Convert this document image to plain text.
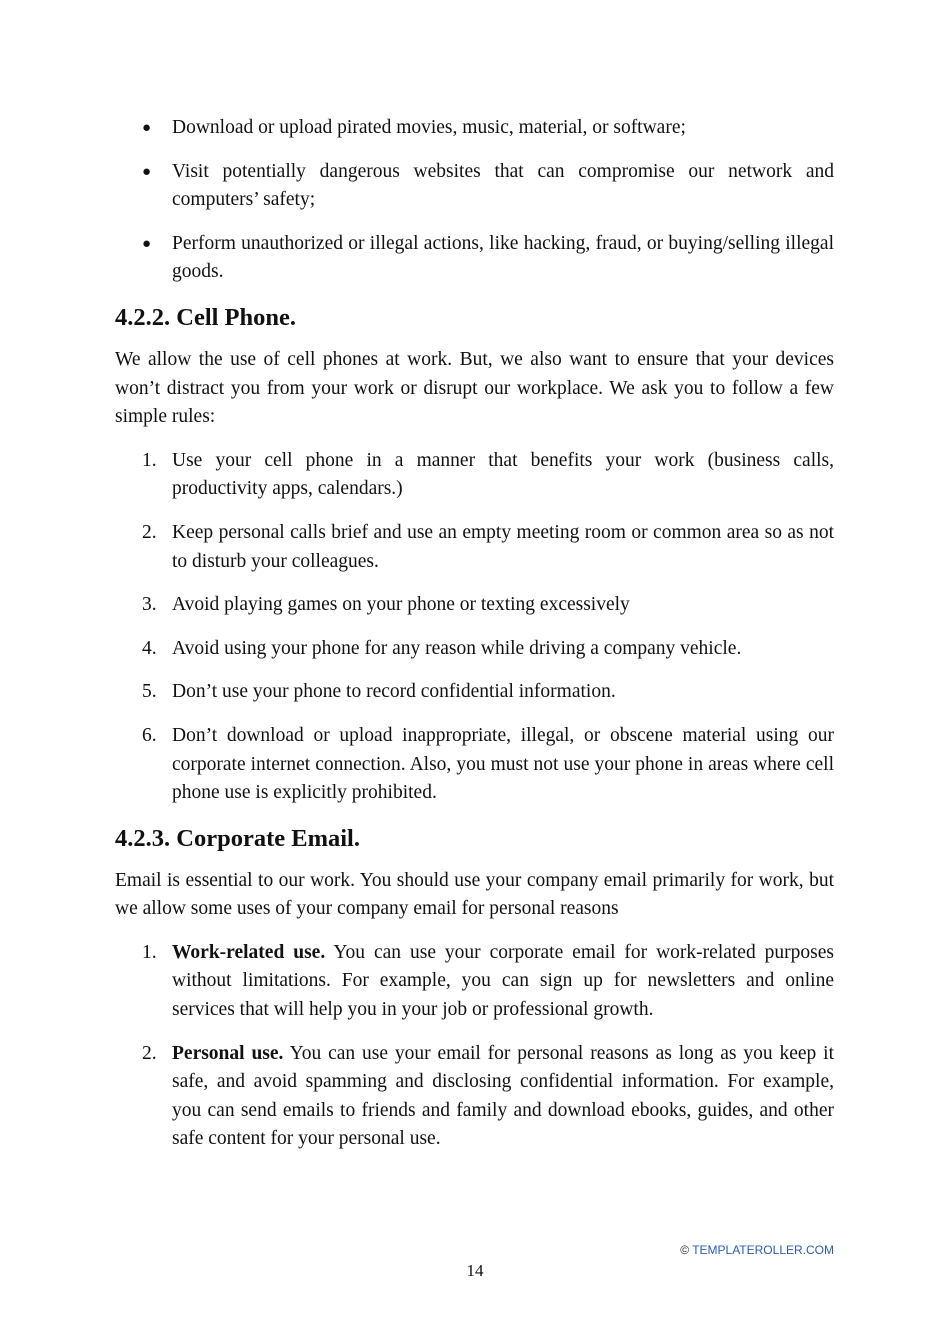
● Download or upload pirated movies, music, material, or software;
● Visit potentially dangerous websites that can compromise our network and computers’ safety;
● Perform unauthorized or illegal actions, like hacking, fraud, or buying/selling illegal goods.
4.2.2. Cell Phone.

We allow the use of cell phones at work. But, we also want to ensure that your devices won’t distract you from your work or disrupt our workplace. We ask you to follow a few simple rules:

1. Use your cell phone in a manner that benefits your work (business calls, productivity apps, calendars.)
2. Keep personal calls brief and use an empty meeting room or common area so as not to disturb your colleagues.
3. Avoid playing games on your phone or texting excessively
4. Avoid using your phone for any reason while driving a company vehicle.
5. Don’t use your phone to record confidential information.
6. Don’t download or upload inappropriate, illegal, or obscene material using our corporate internet connection. Also, you must not use your phone in areas where cell phone use is explicitly prohibited.
4.2.3. Corporate Email.

Email is essential to our work. You should use your company email primarily for work, but we allow some uses of your company email for personal reasons

1. Work-related use. You can use your corporate email for work-related purposes without limitations. For example, you can sign up for newsletters and online services that will help you in your job or professional growth.
2. Personal use. You can use your email for personal reasons as long as you keep it safe, and avoid spamming and disclosing confidential information. For example, you can send emails to friends and family and download ebooks, guides, and other safe content for your personal use.
© TEMPLATEROLLER.COM
14
